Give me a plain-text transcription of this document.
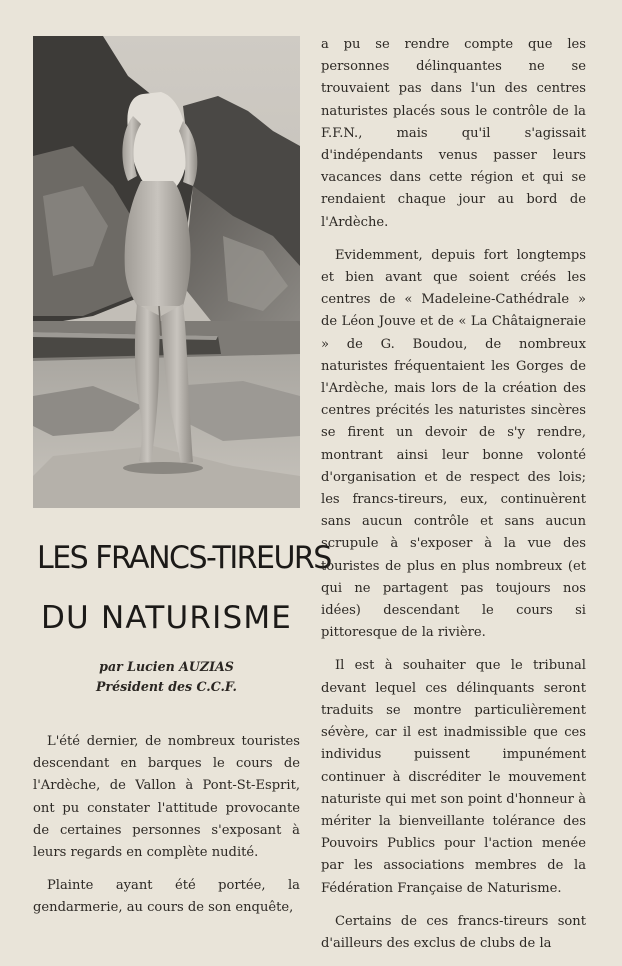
LES FRANCS-TIREURS
DU NATURISME
par Lucien AUZIAS
Président des C.C.F.

L'été dernier, de nombreux touristes descendant en barques le cours de l'Ardèche, de Vallon à Pont-St-Esprit, ont pu constater l'attitude provocante de certaines personnes s'exposant à leurs regards en complète nudité.

Plainte ayant été portée, la gendarmerie, au cours de son enquête,

a pu se rendre compte que les personnes délinquantes ne se trouvaient pas dans l'un des centres naturistes placés sous le contrôle de la F.F.N., mais qu'il s'agissait d'indépendants venus passer leurs vacances dans cette région et qui se rendaient chaque jour au bord de l'Ardèche.

Evidemment, depuis fort longtemps et bien avant que soient créés les centres de « Madeleine-Cathédrale » de Léon Jouve et de « La Châtaigneraie » de G. Boudou, de nombreux naturistes fréquentaient les Gorges de l'Ardèche, mais lors de la création des centres précités les naturistes sincères se firent un devoir de s'y rendre, montrant ainsi leur bonne volonté d'organisation et de respect des lois; les francs-tireurs, eux, continuèrent sans aucun contrôle et sans aucun scrupule à s'exposer à la vue des touristes de plus en plus nombreux (et qui ne partagent pas toujours nos idées) descendant le cours si pittoresque de la rivière.

Il est à souhaiter que le tribunal devant lequel ces délinquants seront traduits se montre particulièrement sévère, car il est inadmissible que ces individus puissent impunément continuer à discréditer le mouvement naturiste qui met son point d'honneur à mériter la bienveillante tolérance des Pouvoirs Publics pour l'action menée par les associations membres de la Fédération Française de Naturisme.

Certains de ces francs-tireurs sont d'ailleurs des exclus de clubs de la
